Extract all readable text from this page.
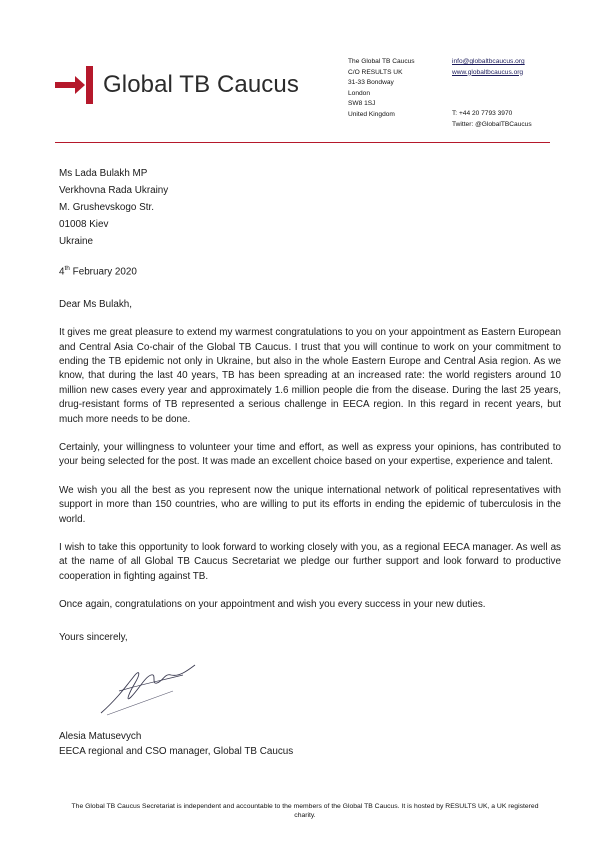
Global TB Caucus
The Global TB Caucus
C/O RESULTS UK
31-33 Bondway
London
SW8 1SJ
United Kingdom
info@globaltbcaucus.org
www.globaltbcaucus.org
T: +44 20 7793 3970
Twitter: @GlobalTBCaucus
Ms Lada Bulakh MP
Verkhovna Rada Ukrainy
M. Grushevskogo Str.
01008 Kiev
Ukraine
4th February 2020

Dear Ms Bulakh,

It gives me great pleasure to extend my warmest congratulations to you on your appointment as Eastern European and Central Asia Co-chair of the Global TB Caucus. I trust that you will continue to work on your commitment to ending the TB epidemic not only in Ukraine, but also in the whole Eastern Europe and Central Asia region. As we know, that during the last 40 years, TB has been spreading at an increased rate: the world registers around 10 million new cases every year and approximately 1.6 million people die from the disease. During the last 25 years, drug-resistant forms of TB represented a serious challenge in EECA region. In this regard in recent years, but much more needs to be done.

Certainly, your willingness to volunteer your time and effort, as well as express your opinions, has contributed to your being selected for the post. It was made an excellent choice based on your expertise, experience and talent.

We wish you all the best as you represent now the unique international network of political representatives with support in more than 150 countries, who are willing to put its efforts in ending the epidemic of tuberculosis in the world.

I wish to take this opportunity to look forward to working closely with you, as a regional EECA manager. As well as at the name of all Global TB Caucus Secretariat we pledge our further support and look forward to productive cooperation in fighting against TB.

Once again, congratulations on your appointment and wish you every success in your new duties.

Yours sincerely,

Alesia Matusevych
EECA regional and CSO manager, Global TB Caucus
The Global TB Caucus Secretariat is independent and accountable to the members of the Global TB Caucus. It is hosted by RESULTS UK, a UK registered charity.
